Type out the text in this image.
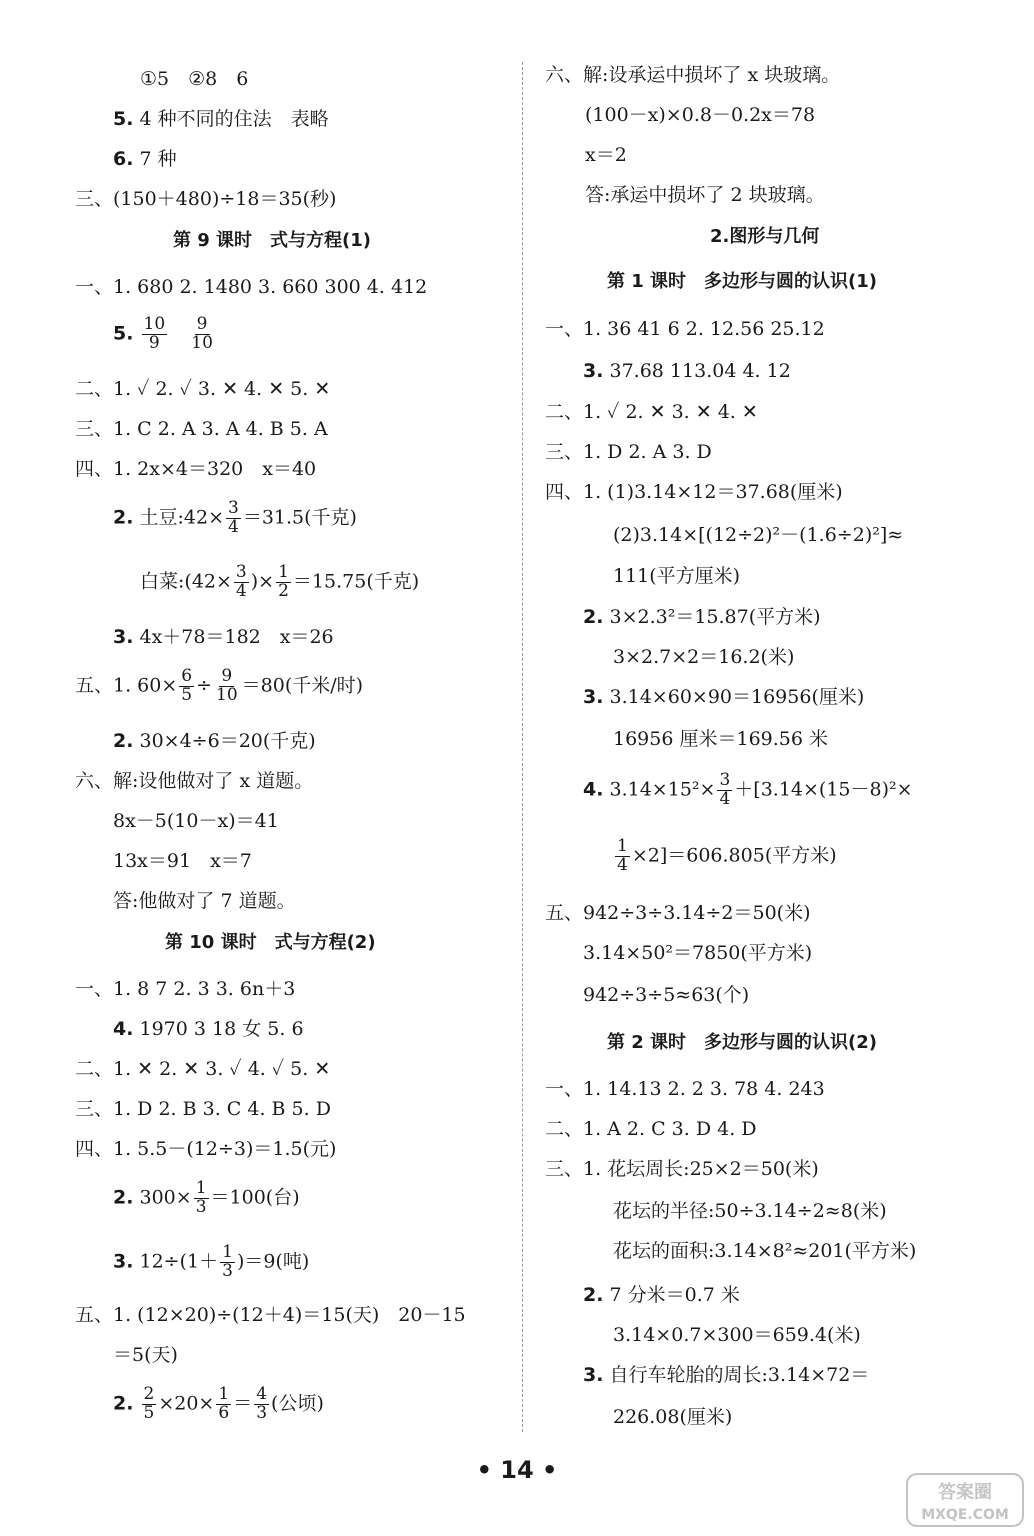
①5　②8　6
5. 4 种不同的住法　表略
6. 7 种
三、(150＋480)÷18＝35(秒)
第 9 课时　式与方程(1)
一、1. 680 2. 1480 3. 660 300 4. 412
5. $\frac{10}{9}$
$\frac{9}{10}$
二、1. ✓ 2. ✓ 3. ✕ 4. ✕ 5. ✕
三、1. C 2. A 3. A 4. B 5. A
四、1. 2x×4＝320　x＝40
2. 土豆:42× $\frac{3}{4} =31.5$(千克)
白菜:(42× $\frac{3}{4}$ )× $\frac{1}{2} =15.75$(千克)
3. 4x＋78＝182　x＝26
五、1. $60\times \frac{6}{5} \div \frac{9}{10} =80$(千米/时)
2. 30×4÷6＝20(千克)
六、解:设他做对了 x 道题。
8x－5(10－x)＝41
13x＝91　x＝7
答:他做对了 7 道题。
第 10 课时　式与方程(2)
一、1. 8 7 2. 3 3. 6n＋3
4. 1970 3 18 女 5. 6
二、1. ✕ 2. ✕ 3. ✓ 4. ✓ 5. ✕
三、1. D 2. B 3. C 4. B 5. D
四、1. 5.5－(12÷3)＝1.5(元)
2. $300\times \frac{1}{3} =100$(台)
3. $12\div(1+ \frac{1}{3} )=9$(吨)
五、1. (12×20)÷(12＋4)＝15(天)　20－15
＝5(天)
2. $\frac{2}{5} \times 20\times \frac{1}{6} = \frac{4}{3}$ (公顷)
六、解:设承运中损坏了 x 块玻璃。
(100－x)×0.8－0.2x＝78
x＝2
答:承运中损坏了 2 块玻璃。
2.图形与几何
第 1 课时　多边形与圆的认识(1)
一、1. 36 41 6 2. 12.56 25.12
3. 37.68 113.04 4. 12
二、1. ✓ 2. ✕ 3. ✕ 4. ✕
三、1. D 2. A 3. D
四、1. (1)3.14×12＝37.68(厘米)
(2)3.14×[(12÷2)²－(1.6÷2)²]≈
111(平方厘米)
2. 3×2.3²＝15.87(平方米)
3×2.7×2＝16.2(米)
3. 3.14×60×90＝16956(厘米)
16956 厘米＝169.56 米
4. $3.14\times 15^2\times \frac{3}{4} +[3.14\times(15-8)^2\times$
$\frac{1}{4} \times 2]=606.805$(平方米)
五、942÷3÷3.14÷2＝50(米)
3.14×50²＝7850(平方米)
942÷3÷5≈63(个)
第 2 课时　多边形与圆的认识(2)
一、1. 14.13 2. 2 3. 78 4. 243
二、1. A 2. C 3. D 4. D
三、1. 花坛周长:25×2＝50(米)
花坛的半径:50÷3.14÷2≈8(米)
花坛的面积:3.14×8²≈201(平方米)
2. 7 分米＝0.7 米
3.14×0.7×300＝659.4(米)
3. 自行车轮胎的周长:3.14×72＝
226.08(厘米)
• 14 •
答案圈
MXQE.COM
